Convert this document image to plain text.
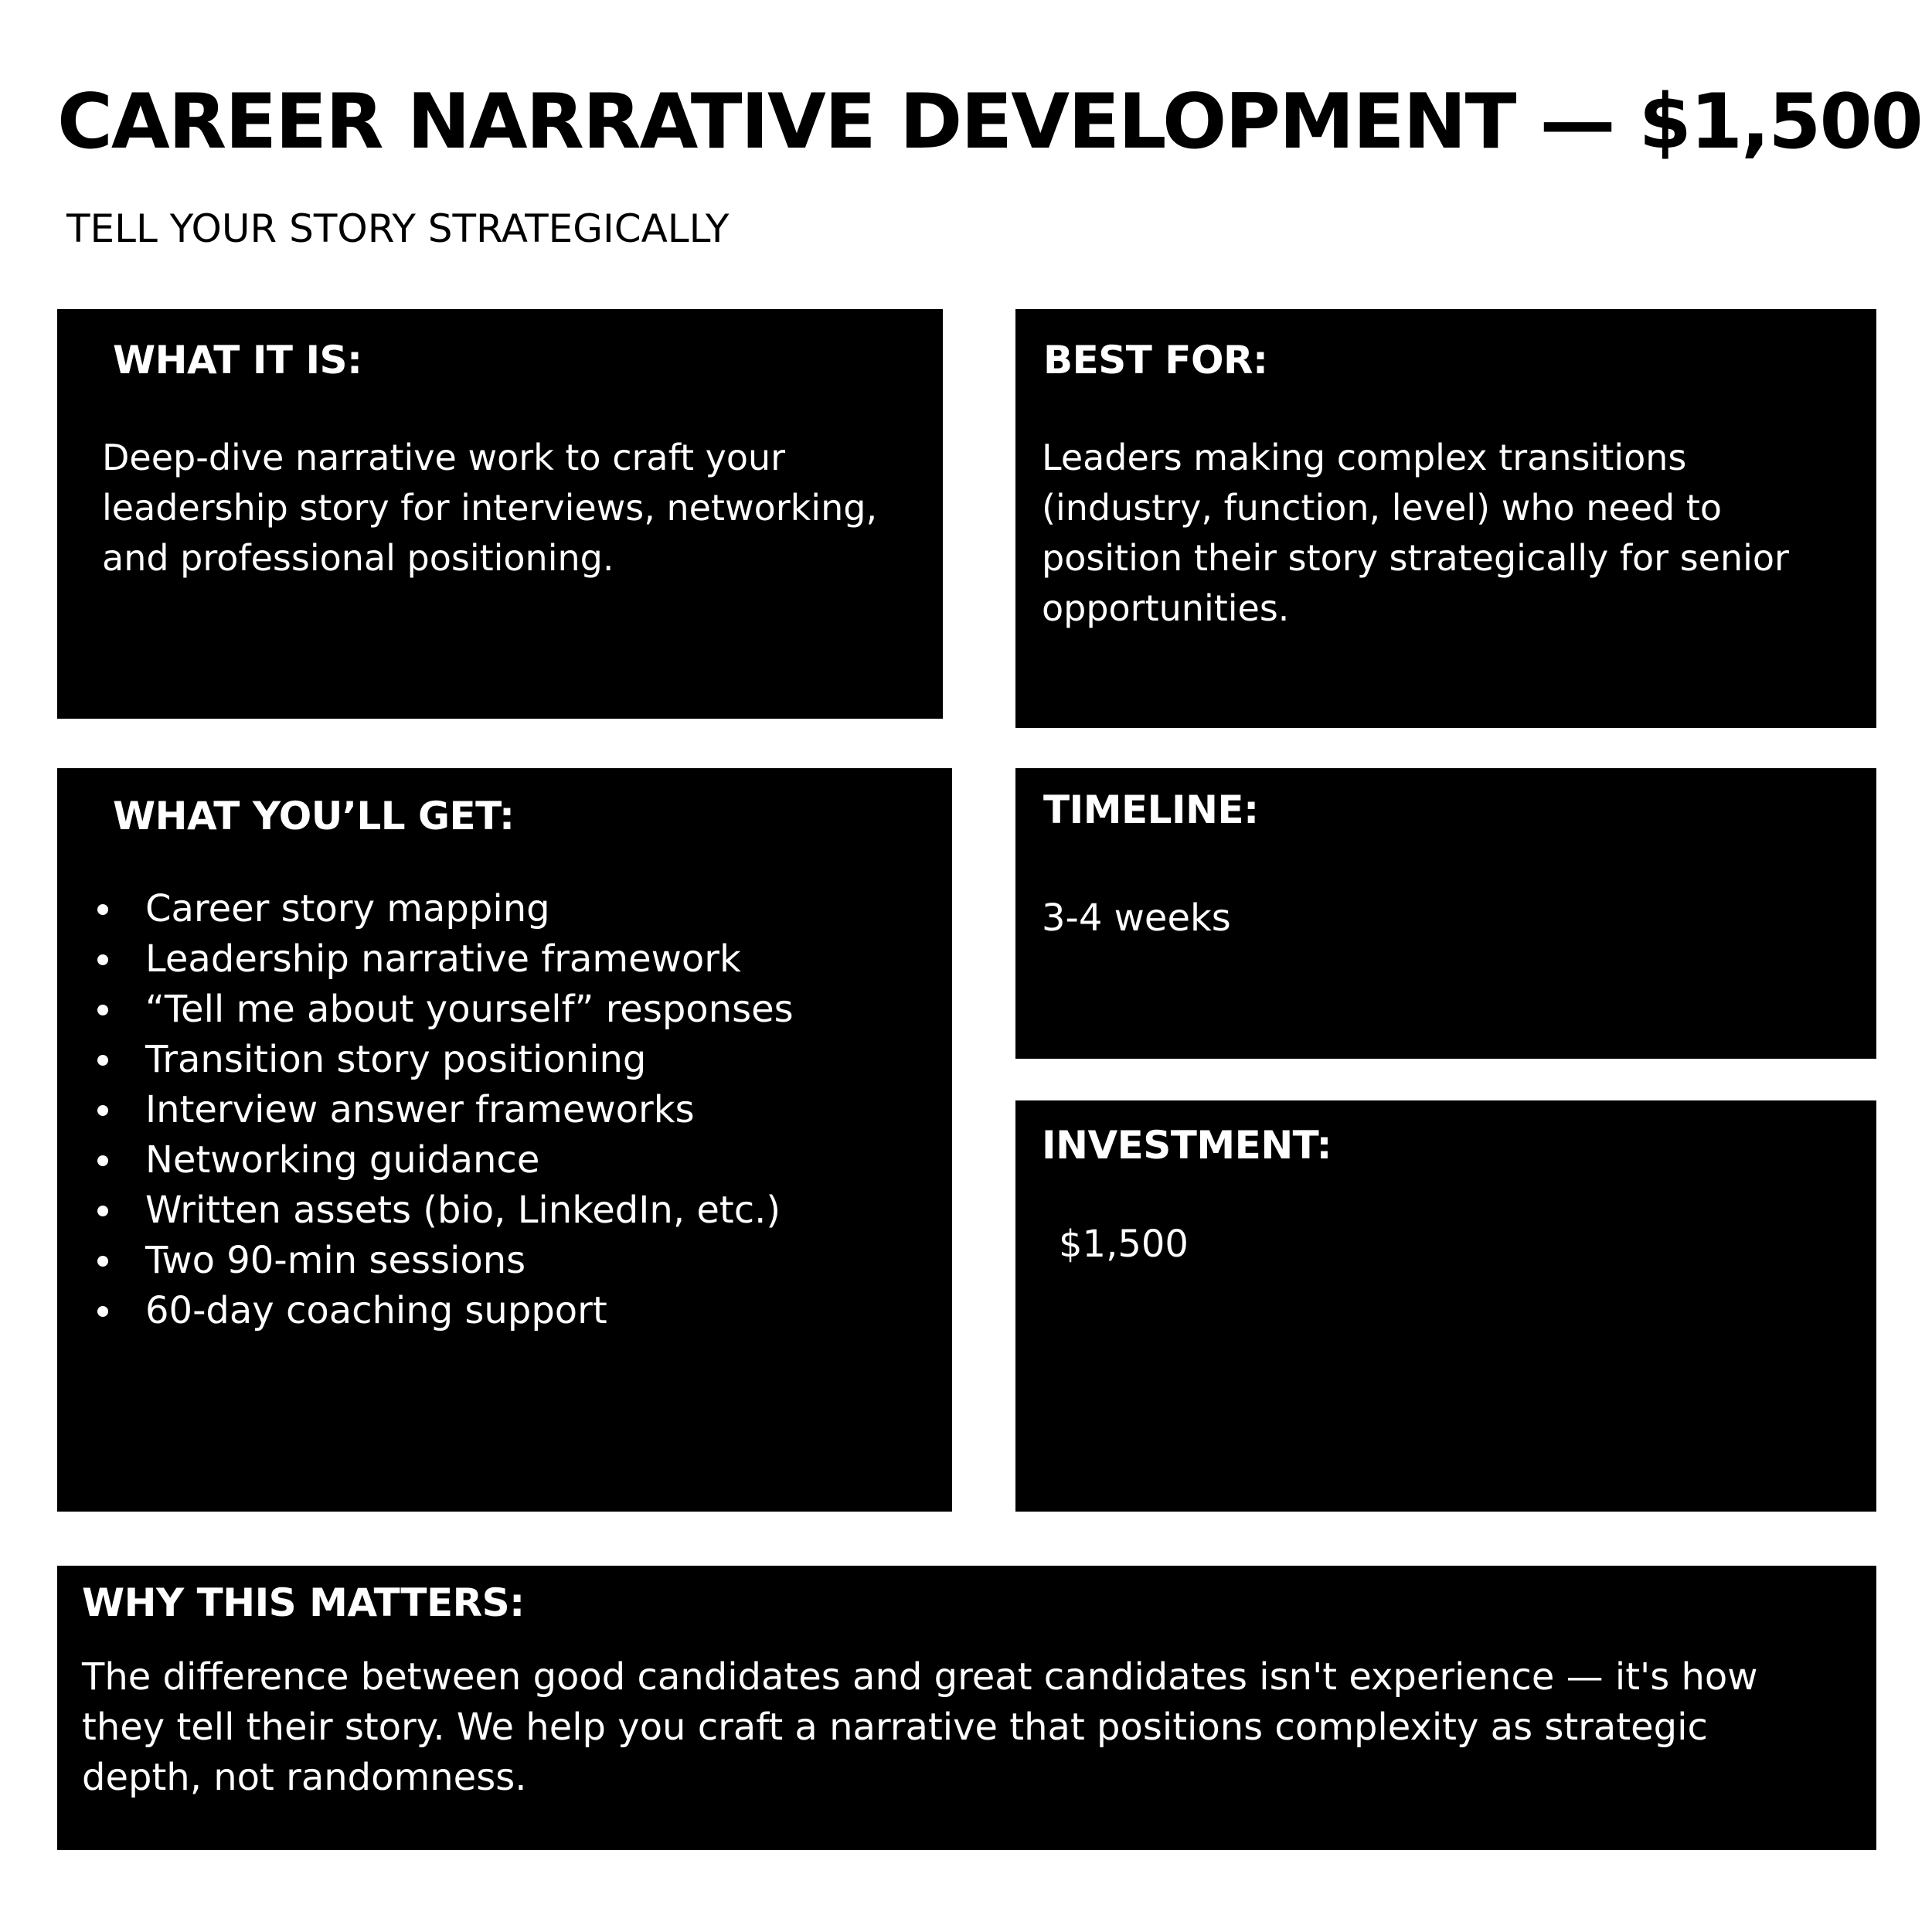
CAREER NARRATIVE DEVELOPMENT — $1,500
TELL YOUR STORY STRATEGICALLY
WHAT IT IS:
Deep-dive narrative work to craft your leadership story for interviews, networking, and professional positioning.
BEST FOR:
Leaders making complex transitions (industry, function, level) who need to position their story strategically for senior opportunities.
WHAT YOU’LL GET:
Career story mapping
Leadership narrative framework
“Tell me about yourself” responses
Transition story positioning
Interview answer frameworks
Networking guidance
Written assets (bio, LinkedIn, etc.)
Two 90-min sessions
60-day coaching support
TIMELINE:
3-4 weeks
INVESTMENT:
$1,500
WHY THIS MATTERS:
The difference between good candidates and great candidates isn't experience — it's how they tell their story. We help you craft a narrative that positions complexity as strategic depth, not randomness.
